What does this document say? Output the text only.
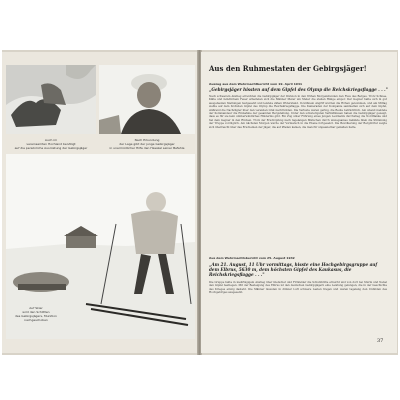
Auch im
vereinsamten Hochland benötigt
auf die persönliche Ausrüstung der Gebirgsjäger
Nach Erkundung
der Lage gibt der junge Gebirgsjäger
in unermüdlicher Hilfe den Hasskel seiner Befehle
Auf Skier
wird den Schlitten
des Gebirgsjägers, Munition
nachgeschoben
Aus den Ruhmestaten der Gebirgsjäger!
Auszug aus dem Wehrmachtbericht vom 19. April 1941
„Gebirgsjäger hissten auf dem Gipfel des Olymp die Reichskriegsflagge . . ."
Nach schwerem Anstieg erreichten die Gebirgsjäger der Division in den frühen Morgenstunden den Fuss des Berges. Trotz Schnee, Kälte und feindlichem Feuer arbeiteten sich die Männer Meter um Meter die steilen Hänge empor. Der Gegner hatte sich in gut ausgebauten Stellungen festgesetzt und leistete zähen Widerstand. In kühnem Angriff wurden die Höhen genommen, und am Mittag wehte auf dem höchsten Gipfel des Olymp die Reichskriegsflagge. Die Kameraden der Kompanie sammelten sich auf dem Gipfel, während die Nachzügler über den vereisten Grat nachrückten. Die Verluste waren gering, die Beute beträchtlich. Am Abend meldete der Kommandeur die Einnahme der gesamten Bergstellung. Unter den schwierigsten Verhältnissen haben die Gebirgsjäger gezeigt, dass es für sie kein unüberwindliches Hindernis gibt. Ein Zug unter Führung eines jungen Leutnants durchstieg die Nordflanke und fiel dem Gegner in den Rücken. Trotz der Erschöpfung nach tagelangen Märschen durch unwegsames Gelände blieb die Stimmung der Truppe vorzüglich. Am nächsten Morgen wurde der Vormarsch in die Ebene fortgesetzt. Die Bevölkerung der Bergdörfer zeigte sich überrascht über das Erscheinen der Jäger, die auf Pfaden kamen, die man für unpassierbar gehalten hatte.
Aus dem Wehrmachtsbericht vom 25. August 1942
„Am 21. August, 11 Uhr vormittags, hisste eine Hochgebirgsgruppe auf dem Elbrus, 5630 m, dem höchsten Gipfel des Kaukasus, die Reichskriegsflagge . . ."
Die Gruppe hatte in mehrtägigem Anstieg über Gletscher und Firnfelder die Schutzhütte erreicht und von dort bei Sturm und Nebel den Gipfel bestiegen. Mit der Besteigung des Elbrus ist den deutschen Gebirgsjägern eine Leistung gelungen, die in der Geschichte des Krieges einzig dasteht. Die Männer mussten in dünner Luft schwere Lasten tragen und waren tagelang den Unbilden des Hochgebirges ausgesetzt.
37
